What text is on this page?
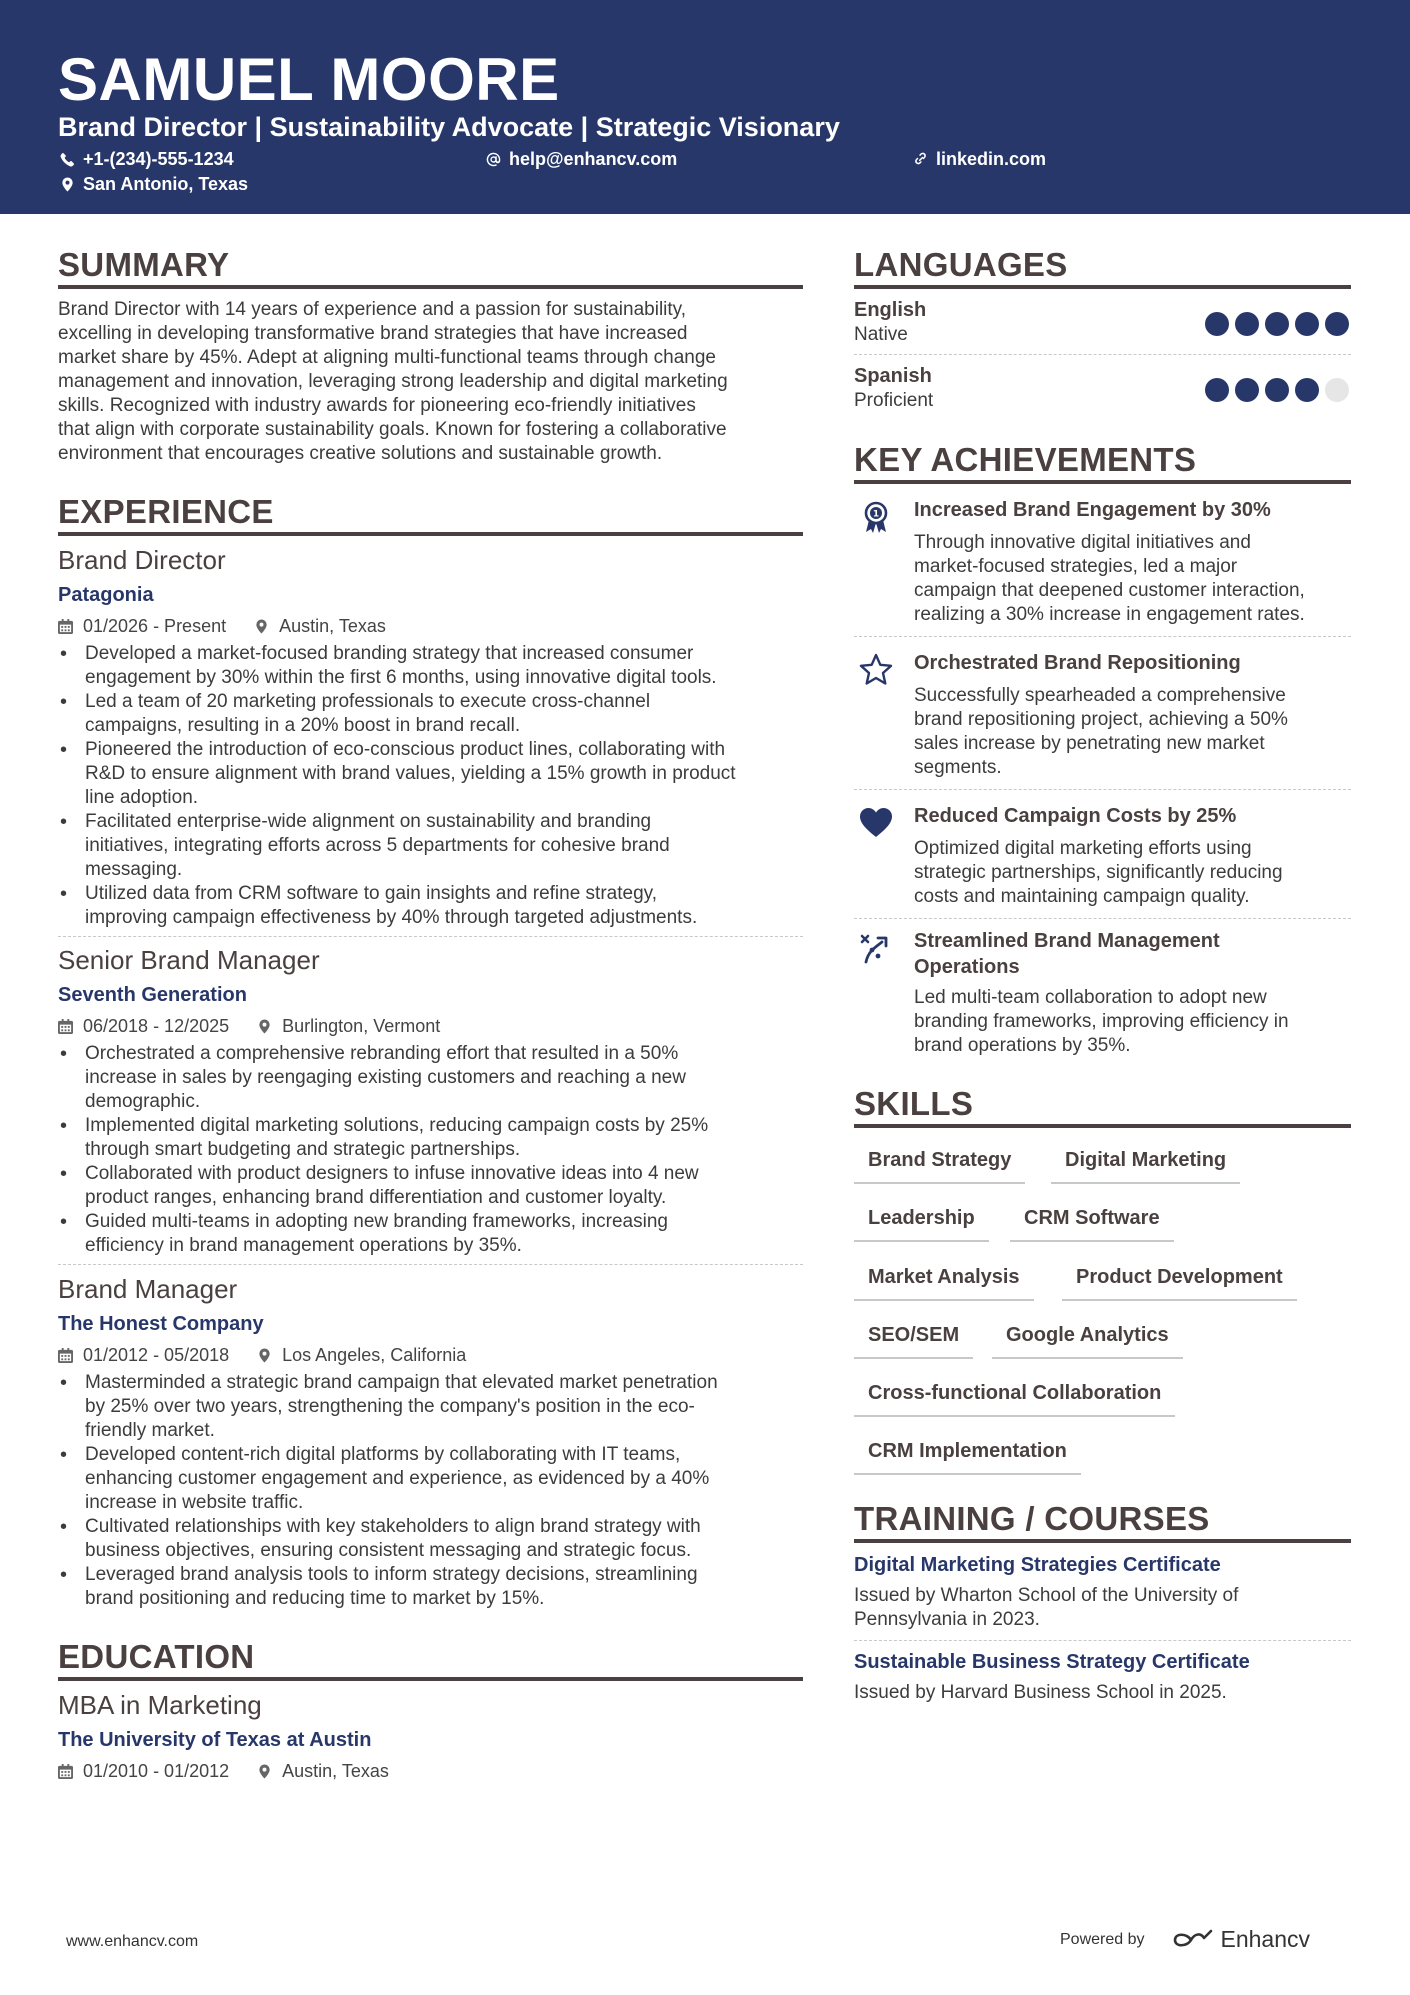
SAMUEL MOORE
Brand Director | Sustainability Advocate | Strategic Visionary
+1-(234)-555-1234	help@enhancv.com	linkedin.com
San Antonio, Texas
SUMMARY
Brand Director with 14 years of experience and a passion for sustainability,
excelling in developing transformative brand strategies that have increased
market share by 45%. Adept at aligning multi-functional teams through change
management and innovation, leveraging strong leadership and digital marketing
skills. Recognized with industry awards for pioneering eco-friendly initiatives
that align with corporate sustainability goals. Known for fostering a collaborative
environment that encourages creative solutions and sustainable growth.
EXPERIENCE
Brand Director
Patagonia
01/2026 - Present	Austin, Texas
• Developed a market-focused branding strategy that increased consumer
engagement by 30% within the first 6 months, using innovative digital tools.
• Led a team of 20 marketing professionals to execute cross-channel
campaigns, resulting in a 20% boost in brand recall.
• Pioneered the introduction of eco-conscious product lines, collaborating with
R&D to ensure alignment with brand values, yielding a 15% growth in product
line adoption.
• Facilitated enterprise-wide alignment on sustainability and branding
initiatives, integrating efforts across 5 departments for cohesive brand
messaging.
• Utilized data from CRM software to gain insights and refine strategy,
improving campaign effectiveness by 40% through targeted adjustments.
Senior Brand Manager
Seventh Generation
06/2018 - 12/2025	Burlington, Vermont
• Orchestrated a comprehensive rebranding effort that resulted in a 50%
increase in sales by reengaging existing customers and reaching a new
demographic.
• Implemented digital marketing solutions, reducing campaign costs by 25%
through smart budgeting and strategic partnerships.
• Collaborated with product designers to infuse innovative ideas into 4 new
product ranges, enhancing brand differentiation and customer loyalty.
• Guided multi-teams in adopting new branding frameworks, increasing
efficiency in brand management operations by 35%.
Brand Manager
The Honest Company
01/2012 - 05/2018	Los Angeles, California
• Masterminded a strategic brand campaign that elevated market penetration
by 25% over two years, strengthening the company's position in the eco-
friendly market.
• Developed content-rich digital platforms by collaborating with IT teams,
enhancing customer engagement and experience, as evidenced by a 40%
increase in website traffic.
• Cultivated relationships with key stakeholders to align brand strategy with
business objectives, ensuring consistent messaging and strategic focus.
• Leveraged brand analysis tools to inform strategy decisions, streamlining
brand positioning and reducing time to market by 15%.
EDUCATION
MBA in Marketing
The University of Texas at Austin
01/2010 - 01/2012	Austin, Texas
LANGUAGES
English
Native
Spanish
Proficient
KEY ACHIEVEMENTS
1 Increased Brand Engagement by 30%
Through innovative digital initiatives and
market-focused strategies, led a major
campaign that deepened customer interaction,
realizing a 30% increase in engagement rates.
Orchestrated Brand Repositioning
Successfully spearheaded a comprehensive
brand repositioning project, achieving a 50%
sales increase by penetrating new market
segments.
Reduced Campaign Costs by 25%
Optimized digital marketing efforts using
strategic partnerships, significantly reducing
costs and maintaining campaign quality.
Streamlined Brand Management
Operations
Led multi-team collaboration to adopt new
branding frameworks, improving efficiency in
brand operations by 35%.
SKILLS
Brand Strategy	Digital Marketing
Leadership	CRM Software
Market Analysis	Product Development
SEO/SEM	Google Analytics
Cross-functional Collaboration
CRM Implementation
TRAINING / COURSES
Digital Marketing Strategies Certificate
Issued by Wharton School of the University of
Pennsylvania in 2023.
Sustainable Business Strategy Certificate
Issued by Harvard Business School in 2025.
www.enhancv.com	Powered by	Enhancv
